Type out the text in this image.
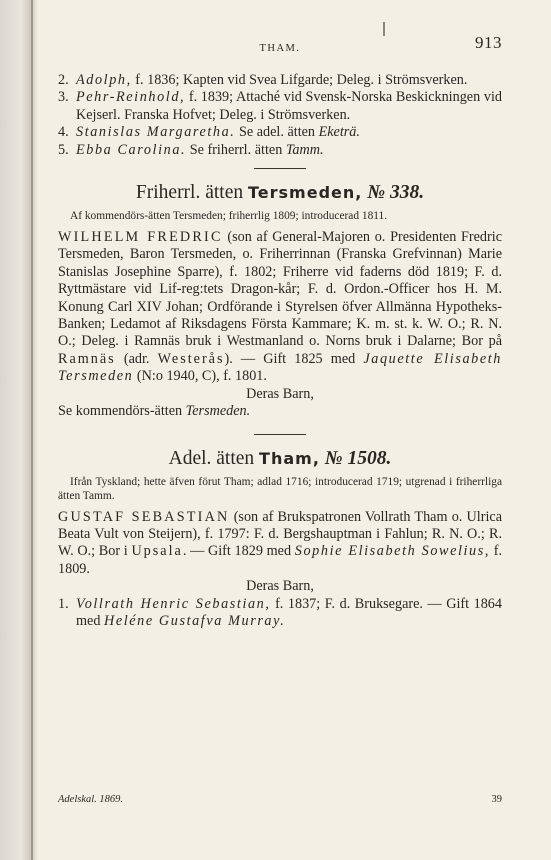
THAM.	913
2. Adolph, f. 1836; Kapten vid Svea Lifgarde; Deleg. i Strömsverken.
3. Pehr-Reinhold, f. 1839; Attaché vid Svensk-Norska Beskickningen vid Kejserl. Franska Hofvet; Deleg. i Strömsverken.
4. Stanislas Margaretha. Se adel. ätten Eketrä.
5. Ebba Carolina. Se friherrl. ätten Tamm.
Friherrl. ätten Tersmeden, № 338.
Af kommendörs-ätten Tersmeden; friherrlig 1809; introducerad 1811.
WILHELM FREDRIC (son af General-Majoren o. Presidenten Fredric Tersmeden, Baron Tersmeden, o. Friherrinnan (Franska Grefvinnan) Marie Stanislas Josephine Sparre), f. 1802; Friherre vid faderns död 1819; F. d. Ryttmästare vid Lif-reg:tets Dragon-kår; F. d. Ordon.-Officer hos H. M. Konung Carl XIV Johan; Ordförande i Styrelsen öfver Allmänna Hypotheks-Banken; Ledamot af Riksdagens Första Kammare; K. m. st. k. W. O.; R. N. O.; Deleg. i Ramnäs bruk i Westmanland o. Norns bruk i Dalarne; Bor på Ramnäs (adr. Westerås). — Gift 1825 med Jaquette Elisabeth Tersmeden (N:o 1940, C), f. 1801.
Deras Barn,
Se kommendörs-ätten Tersmeden.
Adel. ätten Tham, № 1508.
Ifrån Tyskland; hette äfven förut Tham; adlad 1716; introducerad 1719; utgrenad i friherrliga ätten Tamm.
GUSTAF SEBASTIAN (son af Brukspatronen Vollrath Tham o. Ulrica Beata Vult von Steijern), f. 1797: F. d. Bergshauptman i Fahlun; R. N. O.; R. W. O.; Bor i Upsala. — Gift 1829 med Sophie Elisabeth Sowelius, f. 1809.
Deras Barn,
1. Vollrath Henric Sebastian, f. 1837; F. d. Bruksegare. — Gift 1864 med Heléne Gustafva Murray.
Adelskal. 1869.	39
